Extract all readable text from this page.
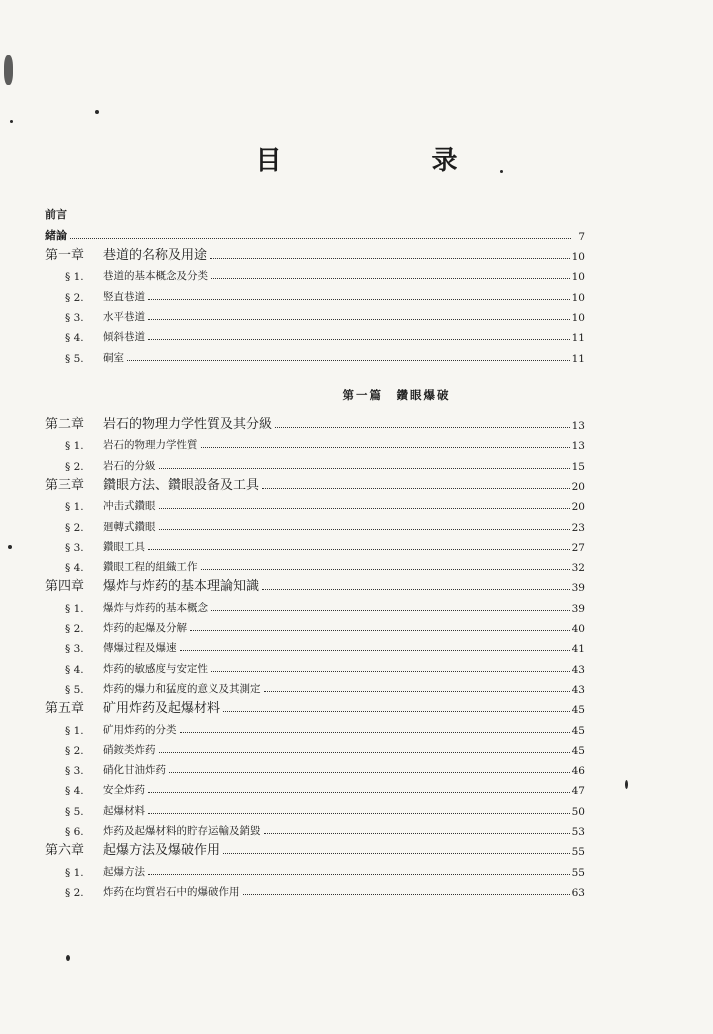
目　录
前言
緒論	7
第一章	巷道的名称及用途	10
§ 1.	巷道的基本概念及分类	10
§ 2.	竪直巷道	10
§ 3.	水平巷道	10
§ 4.	傾斜巷道	11
§ 5.	硐室	11
第二章	岩石的物理力学性質及其分級	13
§ 1.	岩石的物理力学性質	13
§ 2.	岩石的分級	15
第三章	鑽眼方法、鑽眼設备及工具	20
§ 1.	冲击式鑽眼	20
§ 2.	廻轉式鑽眼	23
§ 3.	鑽眼工具	27
§ 4.	鑽眼工程的組織工作	32
第四章	爆炸与炸药的基本理論知識	39
§ 1.	爆炸与炸药的基本概念	39
§ 2.	炸药的起爆及分解	40
§ 3.	傳爆过程及爆速	41
§ 4.	炸药的敏感度与安定性	43
§ 5.	炸药的爆力和猛度的意义及其測定	43
第五章	矿用炸药及起爆材料	45
§ 1.	矿用炸药的分类	45
§ 2.	硝銨类炸药	45
§ 3.	硝化甘油炸药	46
§ 4.	安全炸药	47
§ 5.	起爆材料	50
§ 6.	炸药及起爆材料的貯存运輸及銷毀	53
第六章	起爆方法及爆破作用	55
§ 1.	起爆方法	55
§ 2.	炸药在均質岩石中的爆破作用	63
第一篇　鑽眼爆破
